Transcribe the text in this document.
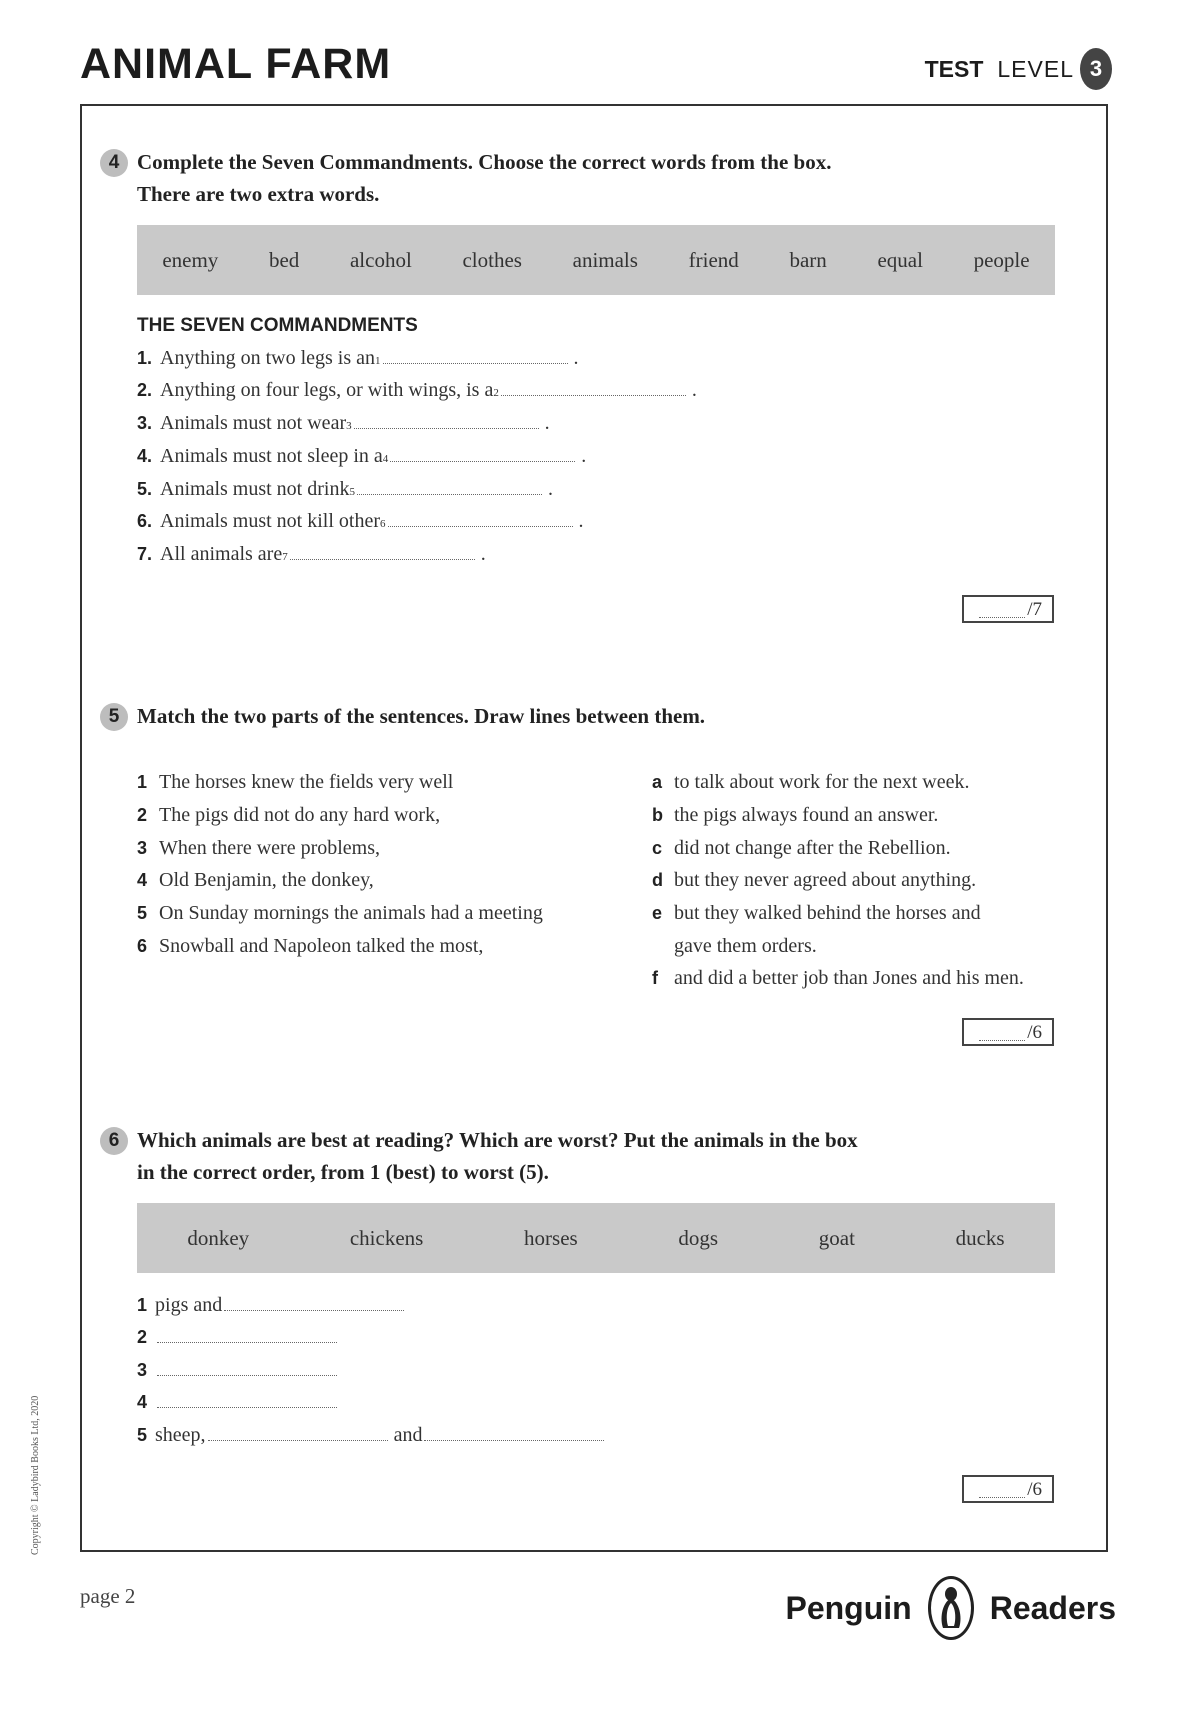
ANIMAL FARM	TEST LEVEL 3
4 Complete the Seven Commandments. Choose the correct words from the box.
There are two extra words.
enemy bed alcohol clothes animals friend barn equal people
THE SEVEN COMMANDMENTS
1. Anything on two legs is an 1	.
2. Anything on four legs, or with wings, is a 2	.
3. Animals must not wear 3	.
4. Animals must not sleep in a 4	.
5. Animals must not drink 5	.
6. Animals must not kill other 6	.
7. All animals are 7	.
/7
5 Match the two parts of the sentences. Draw lines between them.
1 The horses knew the fields very well
2 The pigs did not do any hard work,
3 When there were problems,
4 Old Benjamin, the donkey,
5 On Sunday mornings the animals had a meeting
6 Snowball and Napoleon talked the most,
a to talk about work for the next week.
b the pigs always found an answer.
c did not change after the Rebellion.
d but they never agreed about anything.
e but they walked behind the horses and
gave them orders.
f and did a better job than Jones and his men.
/6
6 Which animals are best at reading? Which are worst? Put the animals in the box
in the correct order, from 1 (best) to worst (5).
donkey	chickens	horses	dogs	goat	ducks
1 pigs and
2
3
4
5 sheep,	and
/6
Copyright © Ladybird Books Ltd, 2020
page 2	Penguin Readers
